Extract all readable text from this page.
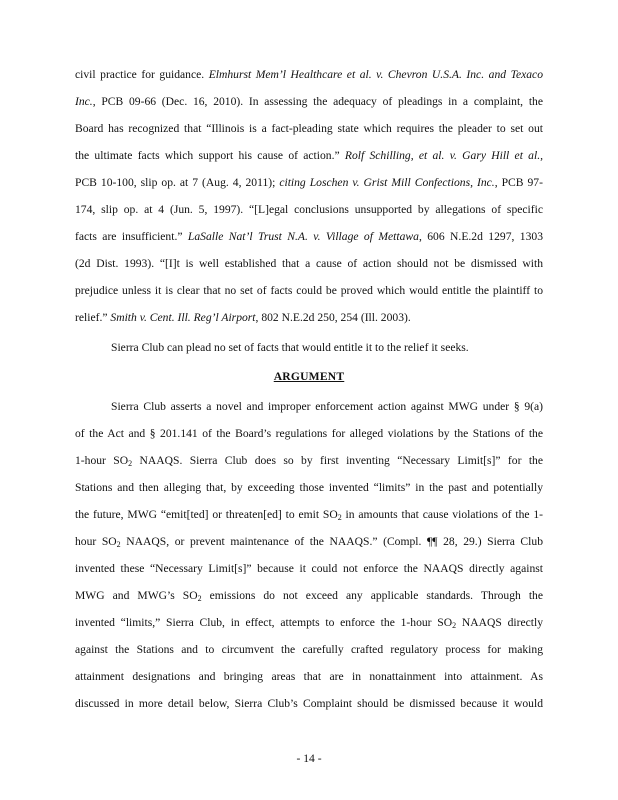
civil practice for guidance. Elmhurst Mem’l Healthcare et al. v. Chevron U.S.A. Inc. and Texaco
Inc., PCB 09-66 (Dec. 16, 2010). In assessing the adequacy of pleadings in a complaint, the
Board has recognized that “Illinois is a fact-pleading state which requires the pleader to set out
the ultimate facts which support his cause of action.” Rolf Schilling, et al. v. Gary Hill et al.,
PCB 10-100, slip op. at 7 (Aug. 4, 2011); citing Loschen v. Grist Mill Confections, Inc., PCB 97-
174, slip op. at 4 (Jun. 5, 1997). “[L]egal conclusions unsupported by allegations of specific
facts are insufficient.” LaSalle Nat’l Trust N.A. v. Village of Mettawa, 606 N.E.2d 1297, 1303
(2d Dist. 1993). “[I]t is well established that a cause of action should not be dismissed with
prejudice unless it is clear that no set of facts could be proved which would entitle the plaintiff to
relief.” Smith v. Cent. Ill. Reg’l Airport, 802 N.E.2d 250, 254 (Ill. 2003).
Sierra Club can plead no set of facts that would entitle it to the relief it seeks.
ARGUMENT
Sierra Club asserts a novel and improper enforcement action against MWG under § 9(a)
of the Act and § 201.141 of the Board’s regulations for alleged violations by the Stations of the
1-hour $SO_2$ NAAQS. Sierra Club does so by first inventing “Necessary Limit[s]” for the
Stations and then alleging that, by exceeding those invented “limits” in the past and potentially
the future, MWG “emit[ted] or threaten[ed] to emit $SO_2$ in amounts that cause violations of the 1-
hour $SO_2$ NAAQS, or prevent maintenance of the NAAQS.” (Compl. ¶¶ 28, 29.) Sierra Club
invented these “Necessary Limit[s]” because it could not enforce the NAAQS directly against
MWG and MWG’s $SO_2$ emissions do not exceed any applicable standards. Through the
invented “limits,” Sierra Club, in effect, attempts to enforce the 1-hour $SO_2$ NAAQS directly
against the Stations and to circumvent the carefully crafted regulatory process for making
attainment designations and bringing areas that are in nonattainment into attainment. As
discussed in more detail below, Sierra Club’s Complaint should be dismissed because it would
- 14 -
